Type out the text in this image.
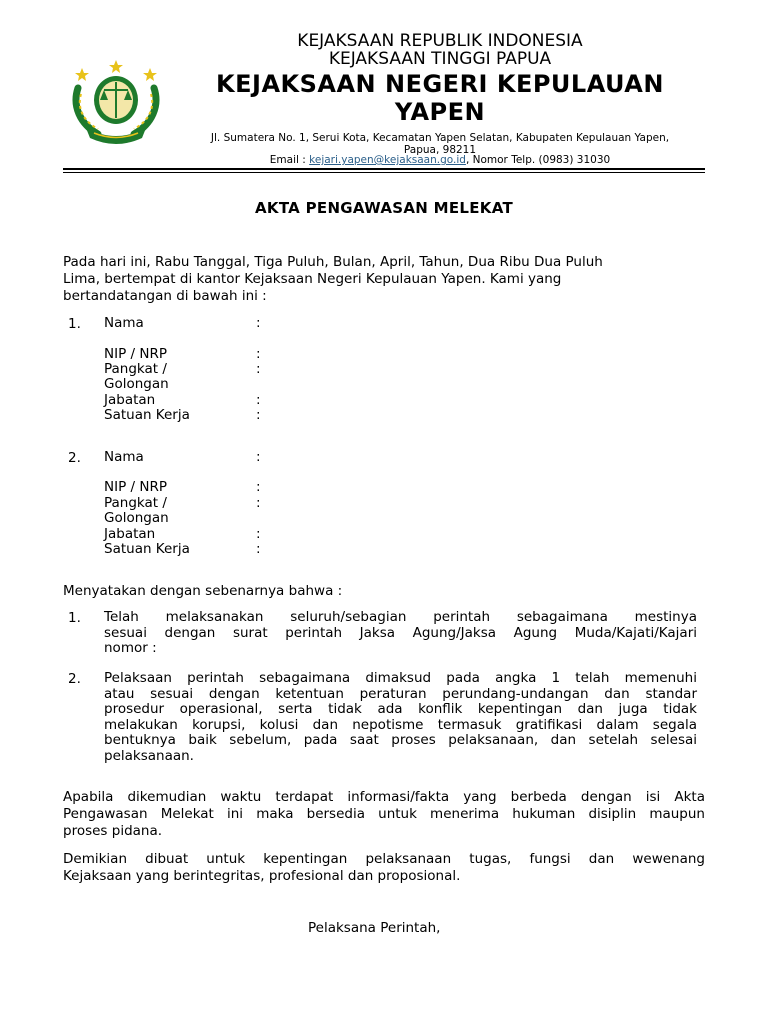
KEJAKSAAN REPUBLIK INDONESIA
KEJAKSAAN TINGGI PAPUA
KEJAKSAAN NEGERI KEPULAUAN
YAPEN
Jl. Sumatera No. 1, Serui Kota, Kecamatan Yapen Selatan, Kabupaten Kepulauan Yapen,
Papua, 98211
Email : kejari.yapen@kejaksaan.go.id, Nomor Telp. (0983) 31030
AKTA PENGAWASAN MELEKAT
Pada hari ini, Rabu Tanggal, Tiga Puluh, Bulan, April, Tahun, Dua Ribu Dua Puluh
Lima, bertempat di kantor Kejaksaan Negeri Kepulauan Yapen. Kami yang
bertandatangan di bawah ini :
1. Nama	:
NIP / NRP	:
Pangkat /	:
Golongan
Jabatan	:
Satuan Kerja	:
2. Nama	:
NIP / NRP	:
Pangkat /	:
Golongan
Jabatan	:
Satuan Kerja	:
Menyatakan dengan sebenarnya bahwa :
1. Telah melaksanakan seluruh/sebagian perintah sebagaimana mestinya
sesuai dengan surat perintah Jaksa Agung/Jaksa Agung Muda/Kajati/Kajari
nomor :
2. Pelaksaan perintah sebagaimana dimaksud pada angka 1 telah memenuhi
atau sesuai dengan ketentuan peraturan perundang-undangan dan standar
prosedur operasional, serta tidak ada konflik kepentingan dan juga tidak
melakukan korupsi, kolusi dan nepotisme termasuk gratifikasi dalam segala
bentuknya baik sebelum, pada saat proses pelaksanaan, dan setelah selesai
pelaksanaan.
Apabila dikemudian waktu terdapat informasi/fakta yang berbeda dengan isi Akta
Pengawasan Melekat ini maka bersedia untuk menerima hukuman disiplin maupun
proses pidana.
Demikian dibuat untuk kepentingan pelaksanaan tugas, fungsi dan wewenang
Kejaksaan yang berintegritas, profesional dan proposional.
Pelaksana Perintah,
